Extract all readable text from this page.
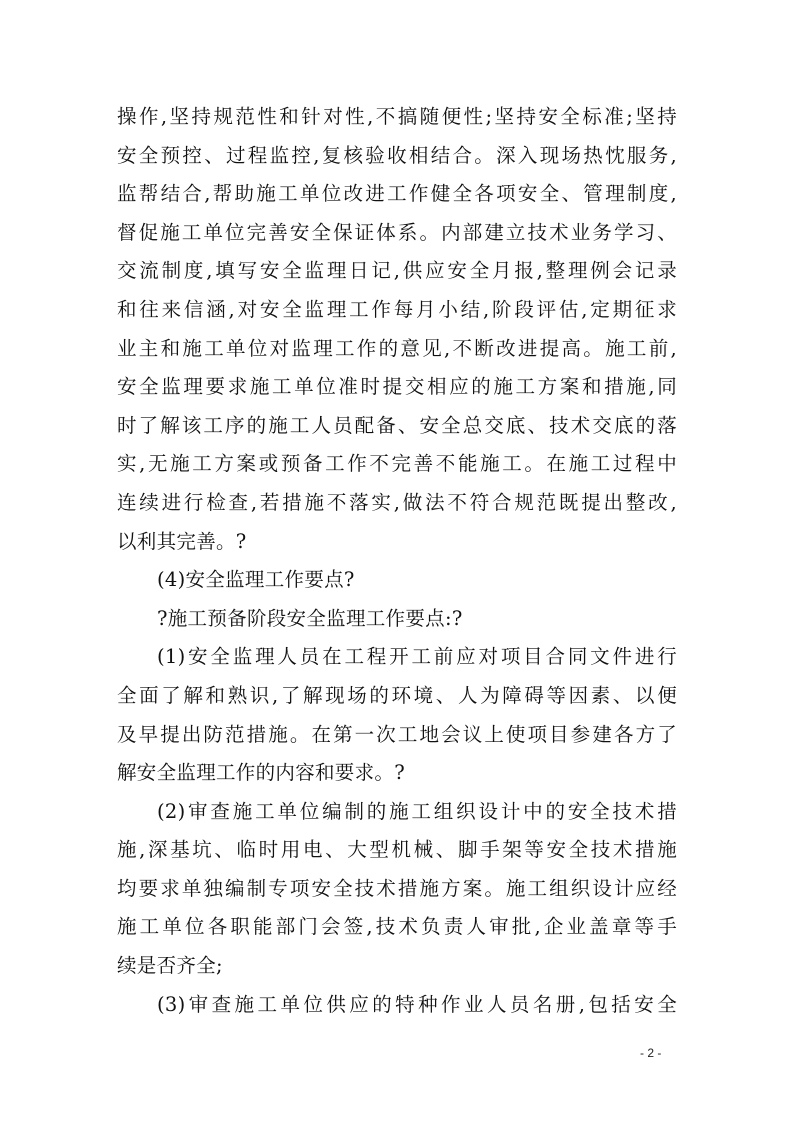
操作,坚持规范性和针对性,不搞随便性;坚持安全标准;坚持
安全预控、过程监控,复核验收相结合。深入现场热忱服务,
监帮结合,帮助施工单位改进工作健全各项安全、管理制度,
督促施工单位完善安全保证体系。内部建立技术业务学习、
交流制度,填写安全监理日记,供应安全月报,整理例会记录
和往来信涵,对安全监理工作每月小结,阶段评估,定期征求
业主和施工单位对监理工作的意见,不断改进提高。施工前,
安全监理要求施工单位准时提交相应的施工方案和措施,同
时了解该工序的施工人员配备、安全总交底、技术交底的落
实,无施工方案或预备工作不完善不能施工。在施工过程中
连续进行检查,若措施不落实,做法不符合规范既提出整改,
以利其完善。?
(4)安全监理工作要点?
?施工预备阶段安全监理工作要点:?
(1)安全监理人员在工程开工前应对项目合同文件进行
全面了解和熟识,了解现场的环境、人为障碍等因素、以便
及早提出防范措施。在第一次工地会议上使项目参建各方了
解安全监理工作的内容和要求。?
(2)审查施工单位编制的施工组织设计中的安全技术措
施,深基坑、临时用电、大型机械、脚手架等安全技术措施
均要求单独编制专项安全技术措施方案。施工组织设计应经
施工单位各职能部门会签,技术负责人审批,企业盖章等手
续是否齐全;
(3)审查施工单位供应的特种作业人员名册,包括安全
- 2 -
